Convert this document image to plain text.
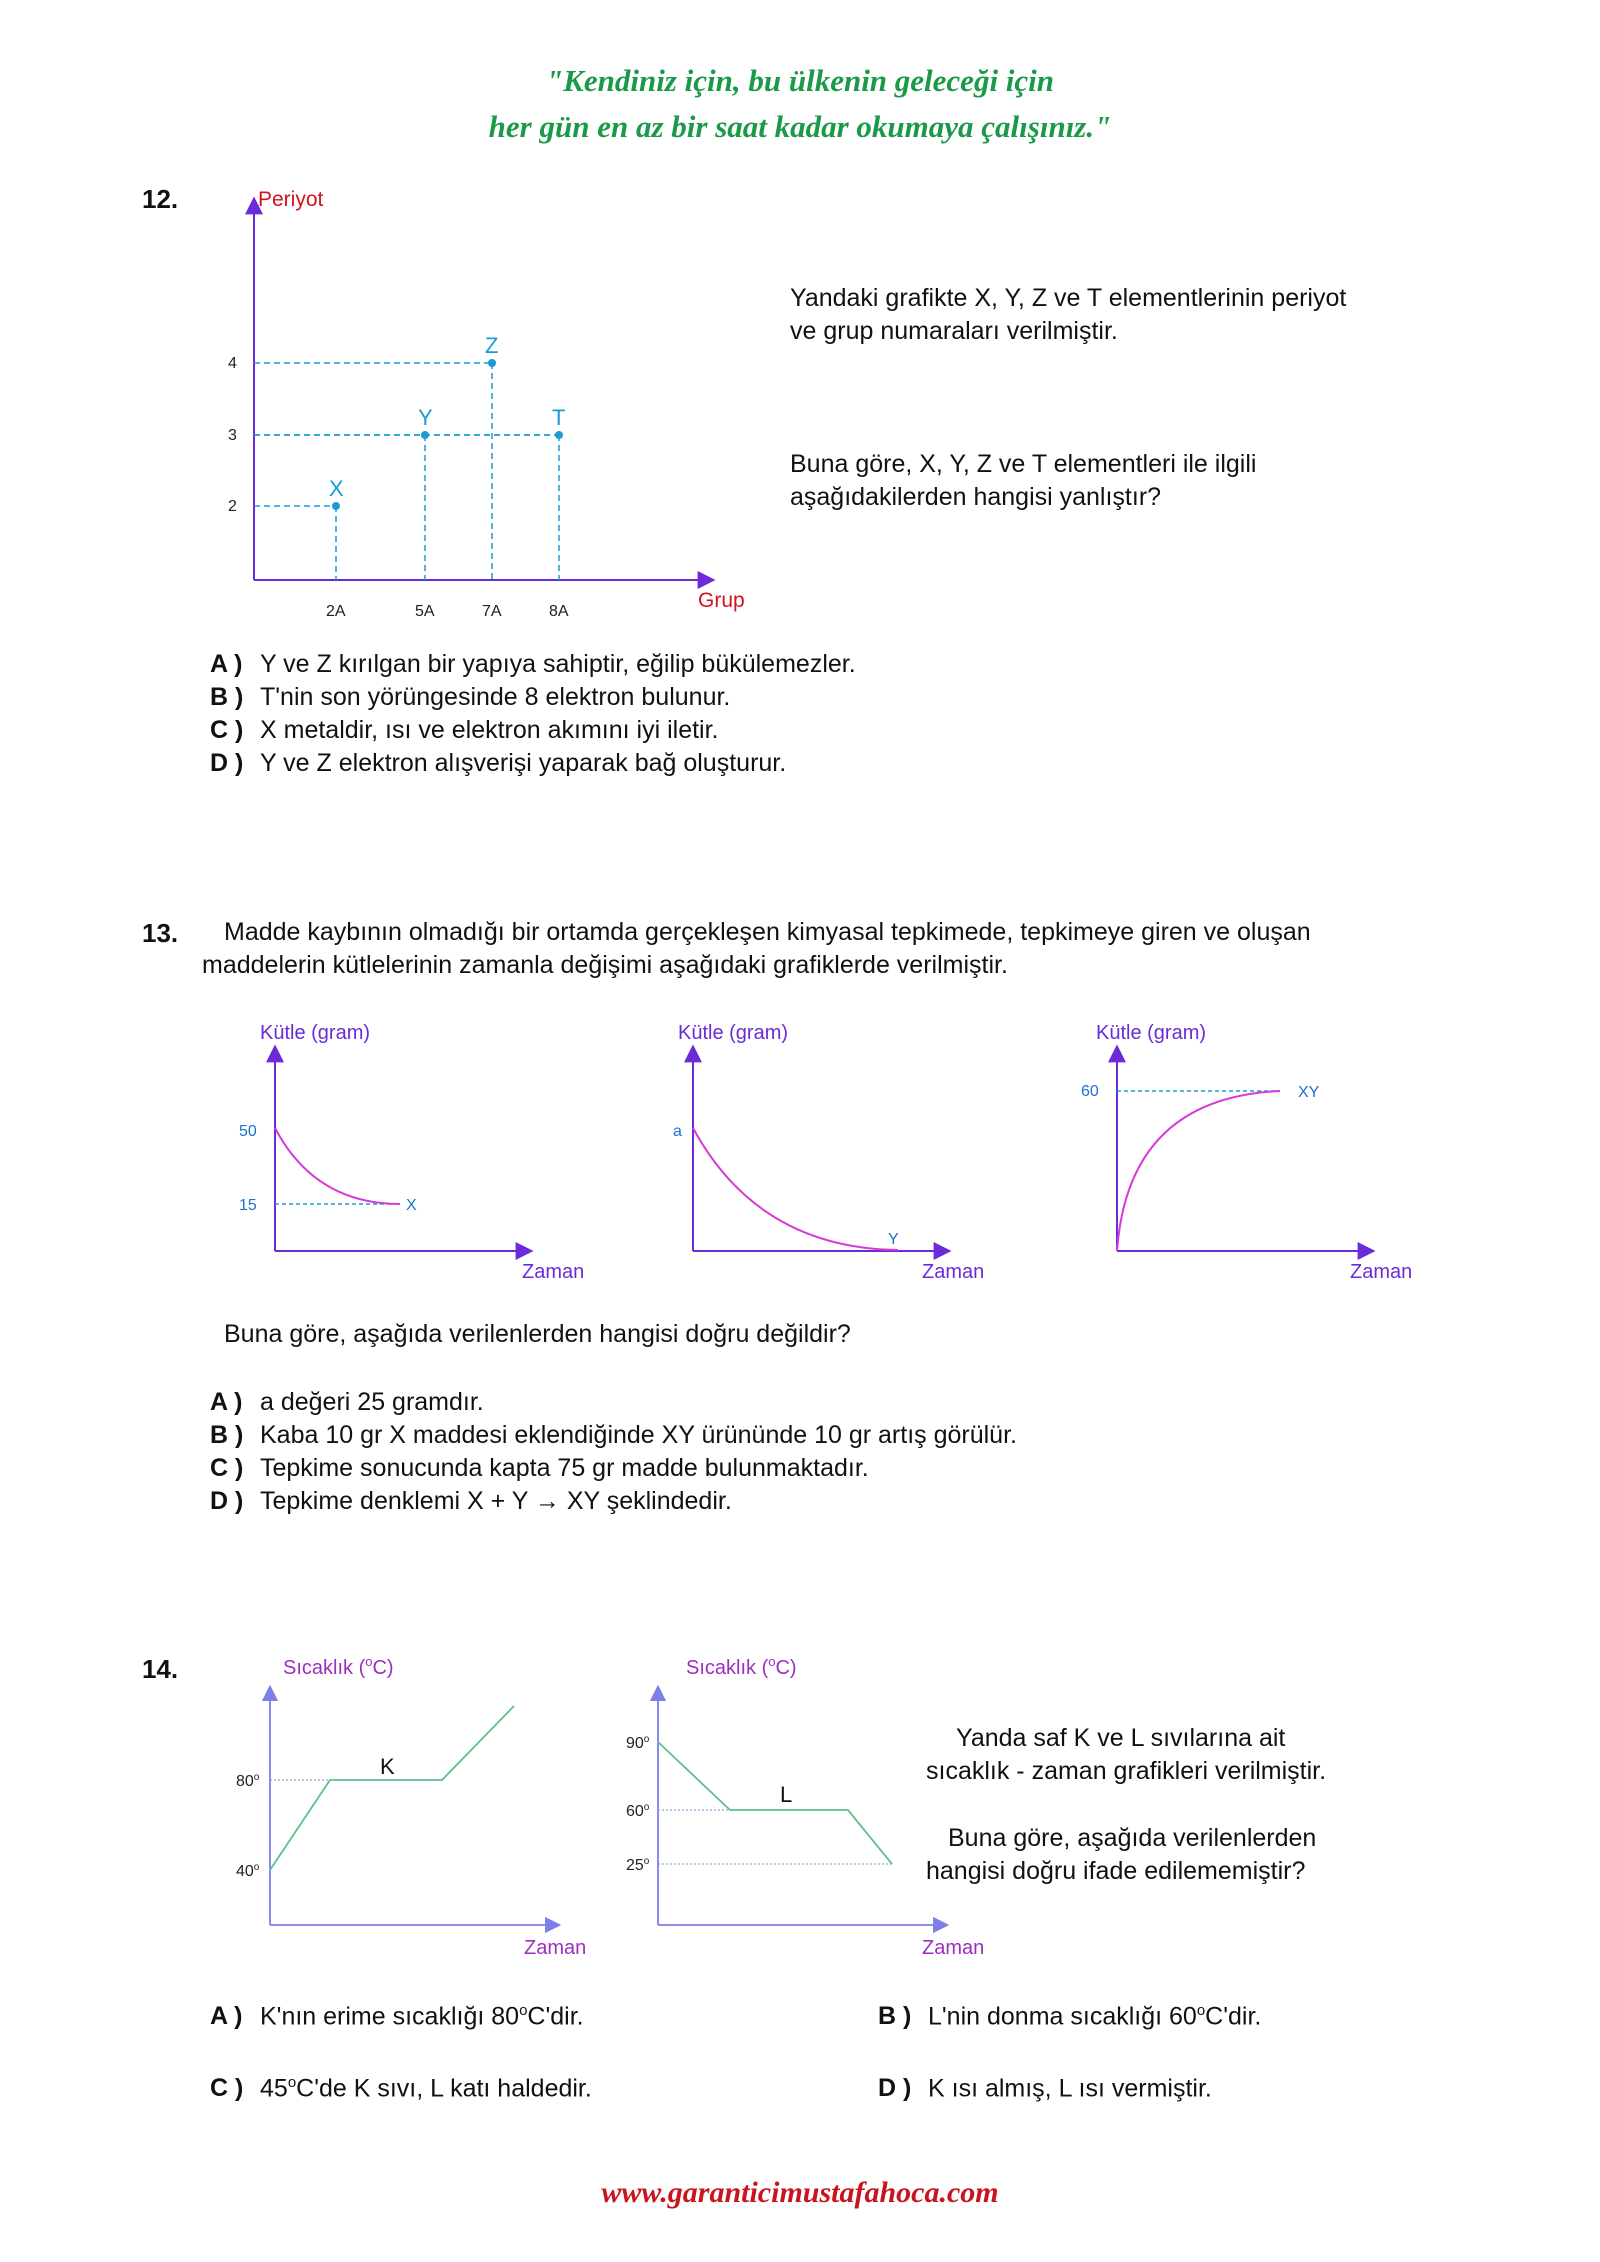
"Kendiniz için, bu ülkenin geleceği için
her gün en az bir saat kadar okumaya çalışınız."
12.	Periyot
Grup
2
3
4
2A	5A	7A	8A
X
Y
Z
T
Yandaki grafikte X, Y, Z ve T elementlerinin periyot ve grup numaraları verilmiştir.
Buna göre, X, Y, Z ve T elementleri ile ilgili aşağıdakilerden hangisi yanlıştır?
A ) Y ve Z kırılgan bir yapıya sahiptir, eğilip bükülemezler.
B ) T'nin son yörüngesinde 8 elektron bulunur.
C ) X metaldir, ısı ve elektron akımını iyi iletir.
D ) Y ve Z elektron alışverişi yaparak bağ oluşturur.
13. Madde kaybının olmadığı bir ortamda gerçekleşen kimyasal tepkimede, tepkimeye giren ve oluşan
maddelerin kütlelerinin zamanla değişimi aşağıdaki grafiklerde verilmiştir.
Kütle (gram)
Zaman
50
15	X
Kütle (gram)
Zaman
a
Y
Kütle (gram)
Zaman
60	XY
Buna göre, aşağıda verilenlerden hangisi doğru değildir?
A ) a değeri 25 gramdır.
B ) Kaba 10 gr X maddesi eklendiğinde XY ürününde 10 gr artış görülür.
C ) Tepkime sonucunda kapta 75 gr madde bulunmaktadır.
D ) Tepkime denklemi X + Y → XY şeklindedir.
14.	Sıcaklık ($^o$C)
Zaman
80$^o$
40$^o$
K
Sıcaklık ($^o$C)
Zaman
90$^o$
60$^o$
25$^o$
L
Yanda saf K ve L sıvılarına ait
sıcaklık - zaman grafikleri verilmiştir.
Buna göre, aşağıda verilenlerden
hangisi doğru ifade edilememiştir?
A ) K'nın erime sıcaklığı 80$^o$C'dir.	B ) L'nin donma sıcaklığı 60$^o$C'dir.
C ) 45$^o$C'de K sıvı, L katı haldedir.	D ) K ısı almış, L ısı vermiştir.
www.garanticimustafahoca.com
